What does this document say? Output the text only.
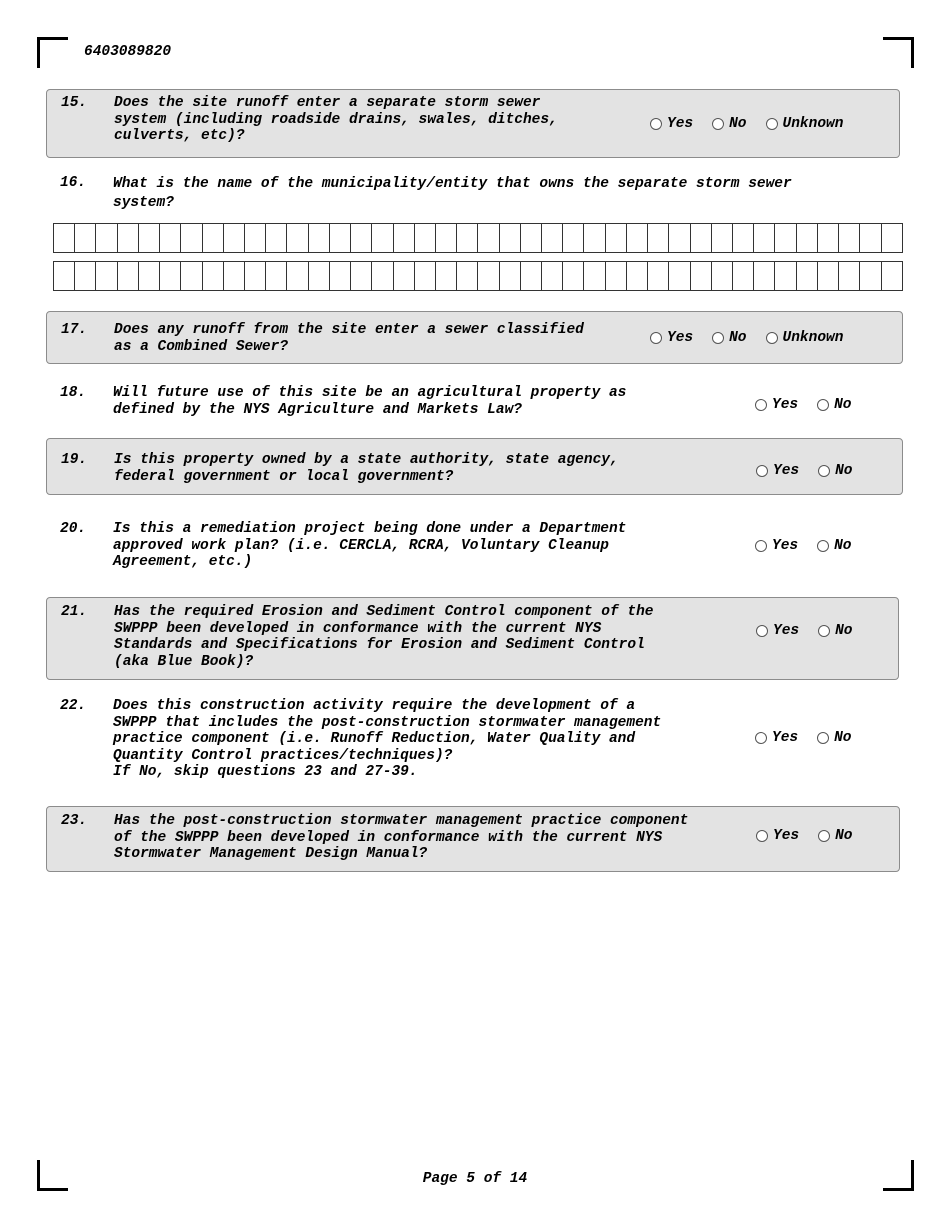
6403089820
15. Does the site runoff enter a separate storm sewer
system (including roadside drains, swales, ditches,
culverts, etc)?
Yes No Unknown
16. What is the name of the municipality/entity that owns the separate storm sewer
system?
17. Does any runoff from the site enter a sewer classified
as a Combined Sewer?
Yes No Unknown
18. Will future use of this site be an agricultural property as
defined by the NYS Agriculture and Markets Law?	Yes No
19. Is this property owned by a state authority, state agency,
federal government or local government?	Yes No
20. Is this a remediation project being done under a Department
approved work plan? (i.e. CERCLA, RCRA, Voluntary Cleanup
Agreement, etc.)
Yes No
21. Has the required Erosion and Sediment Control component of the
SWPPP been developed in conformance with the current NYS
Standards and Specifications for Erosion and Sediment Control
(aka Blue Book)?
Yes No
22. Does this construction activity require the development of a
SWPPP that includes the post-construction stormwater management
practice component (i.e. Runoff Reduction, Water Quality and
Quantity Control practices/techniques)?
If No, skip questions 23 and 27-39.
Yes No
23. Has the post-construction stormwater management practice component
of the SWPPP been developed in conformance with the current NYS
Stormwater Management Design Manual?
Yes No
Page 5 of 14
